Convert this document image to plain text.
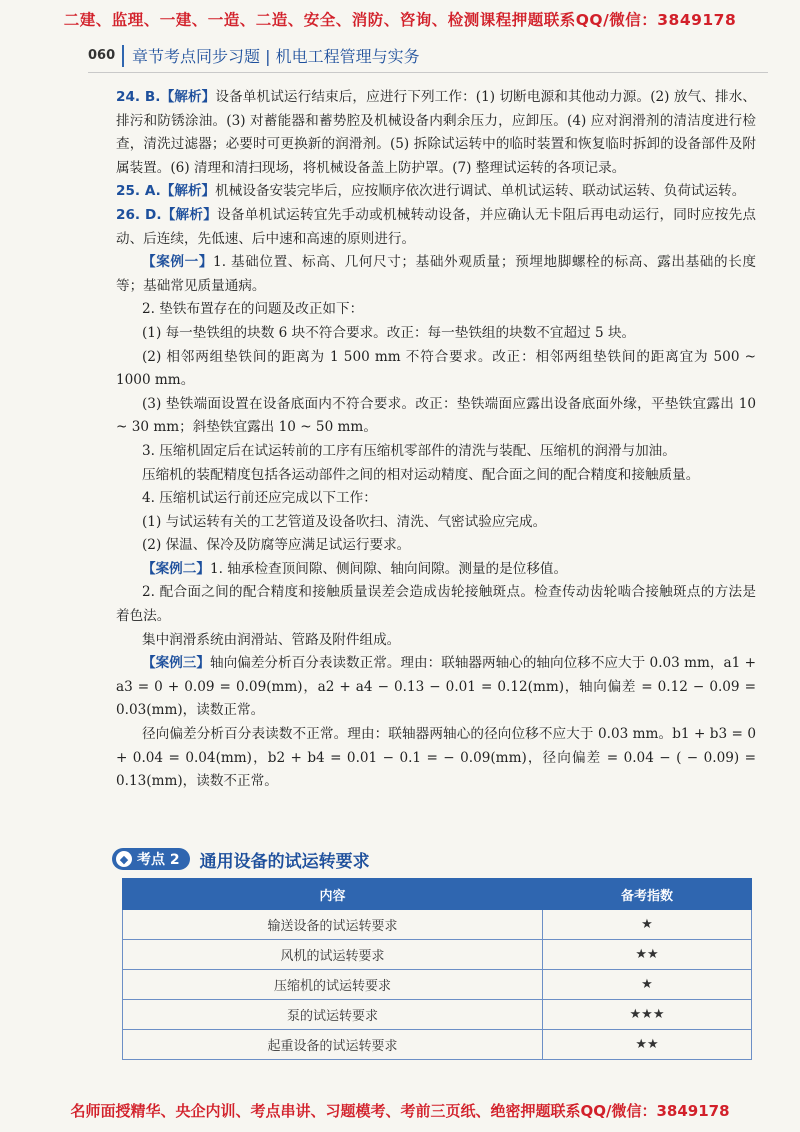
二建、监理、一建、一造、二造、安全、消防、咨询、检测课程押题联系QQ/微信：3849178
060 章节考点同步习题 | 机电工程管理与实务

24. B.【解析】设备单机试运行结束后，应进行下列工作：(1) 切断电源和其他动力源。(2) 放气、排水、排污和防锈涂油。(3) 对蓄能器和蓄势腔及机械设备内剩余压力，应卸压。(4) 应对润滑剂的清洁度进行检查，清洗过滤器；必要时可更换新的润滑剂。(5) 拆除试运转中的临时装置和恢复临时拆卸的设备部件及附属装置。(6) 清理和清扫现场，将机械设备盖上防护罩。(7) 整理试运转的各项记录。

25. A.【解析】机械设备安装完毕后，应按顺序依次进行调试、单机试运转、联动试运转、负荷试运转。

26. D.【解析】设备单机试运转宜先手动或机械转动设备，并应确认无卡阻后再电动运行，同时应按先点动、后连续，先低速、后中速和高速的原则进行。

【案例一】1. 基础位置、标高、几何尺寸；基础外观质量；预埋地脚螺栓的标高、露出基础的长度等；基础常见质量通病。

2. 垫铁布置存在的问题及改正如下：

(1) 每一垫铁组的块数 6 块不符合要求。改正：每一垫铁组的块数不宜超过 5 块。

(2) 相邻两组垫铁间的距离为 1 500 mm 不符合要求。改正：相邻两组垫铁间的距离宜为 500 ~ 1000 mm。

(3) 垫铁端面设置在设备底面内不符合要求。改正：垫铁端面应露出设备底面外缘，平垫铁宜露出 10 ~ 30 mm；斜垫铁宜露出 10 ~ 50 mm。

3. 压缩机固定后在试运转前的工序有压缩机零部件的清洗与装配、压缩机的润滑与加油。

压缩机的装配精度包括各运动部件之间的相对运动精度、配合面之间的配合精度和接触质量。

4. 压缩机试运行前还应完成以下工作：

(1) 与试运转有关的工艺管道及设备吹扫、清洗、气密试验应完成。

(2) 保温、保冷及防腐等应满足试运行要求。

【案例二】1. 轴承检查顶间隙、侧间隙、轴向间隙。测量的是位移值。

2. 配合面之间的配合精度和接触质量误差会造成齿轮接触斑点。检查传动齿轮啮合接触斑点的方法是着色法。

集中润滑系统由润滑站、管路及附件组成。

【案例三】轴向偏差分析百分表读数正常。理由：联轴器两轴心的轴向位移不应大于 0.03 mm，a1 + a3 = 0 + 0.09 = 0.09(mm)，a2 + a4 − 0.13 − 0.01 = 0.12(mm)，轴向偏差 = 0.12 − 0.09 = 0.03(mm)，读数正常。

径向偏差分析百分表读数不正常。理由：联轴器两轴心的径向位移不应大于 0.03 mm。b1 + b3 = 0 + 0.04 = 0.04(mm)，b2 + b4 = 0.01 − 0.1 = − 0.09(mm)，径向偏差 = 0.04 − ( − 0.09) = 0.13(mm)，读数不正常。

◆ 考点 2 通用设备的试运转要求
内容	备考指数
输送设备的试运转要求	★
风机的试运转要求	★★
压缩机的试运转要求	★
泵的试运转要求	★★★
起重设备的试运转要求	★★
名师面授精华、央企内训、考点串讲、习题模考、考前三页纸、绝密押题联系QQ/微信：3849178
